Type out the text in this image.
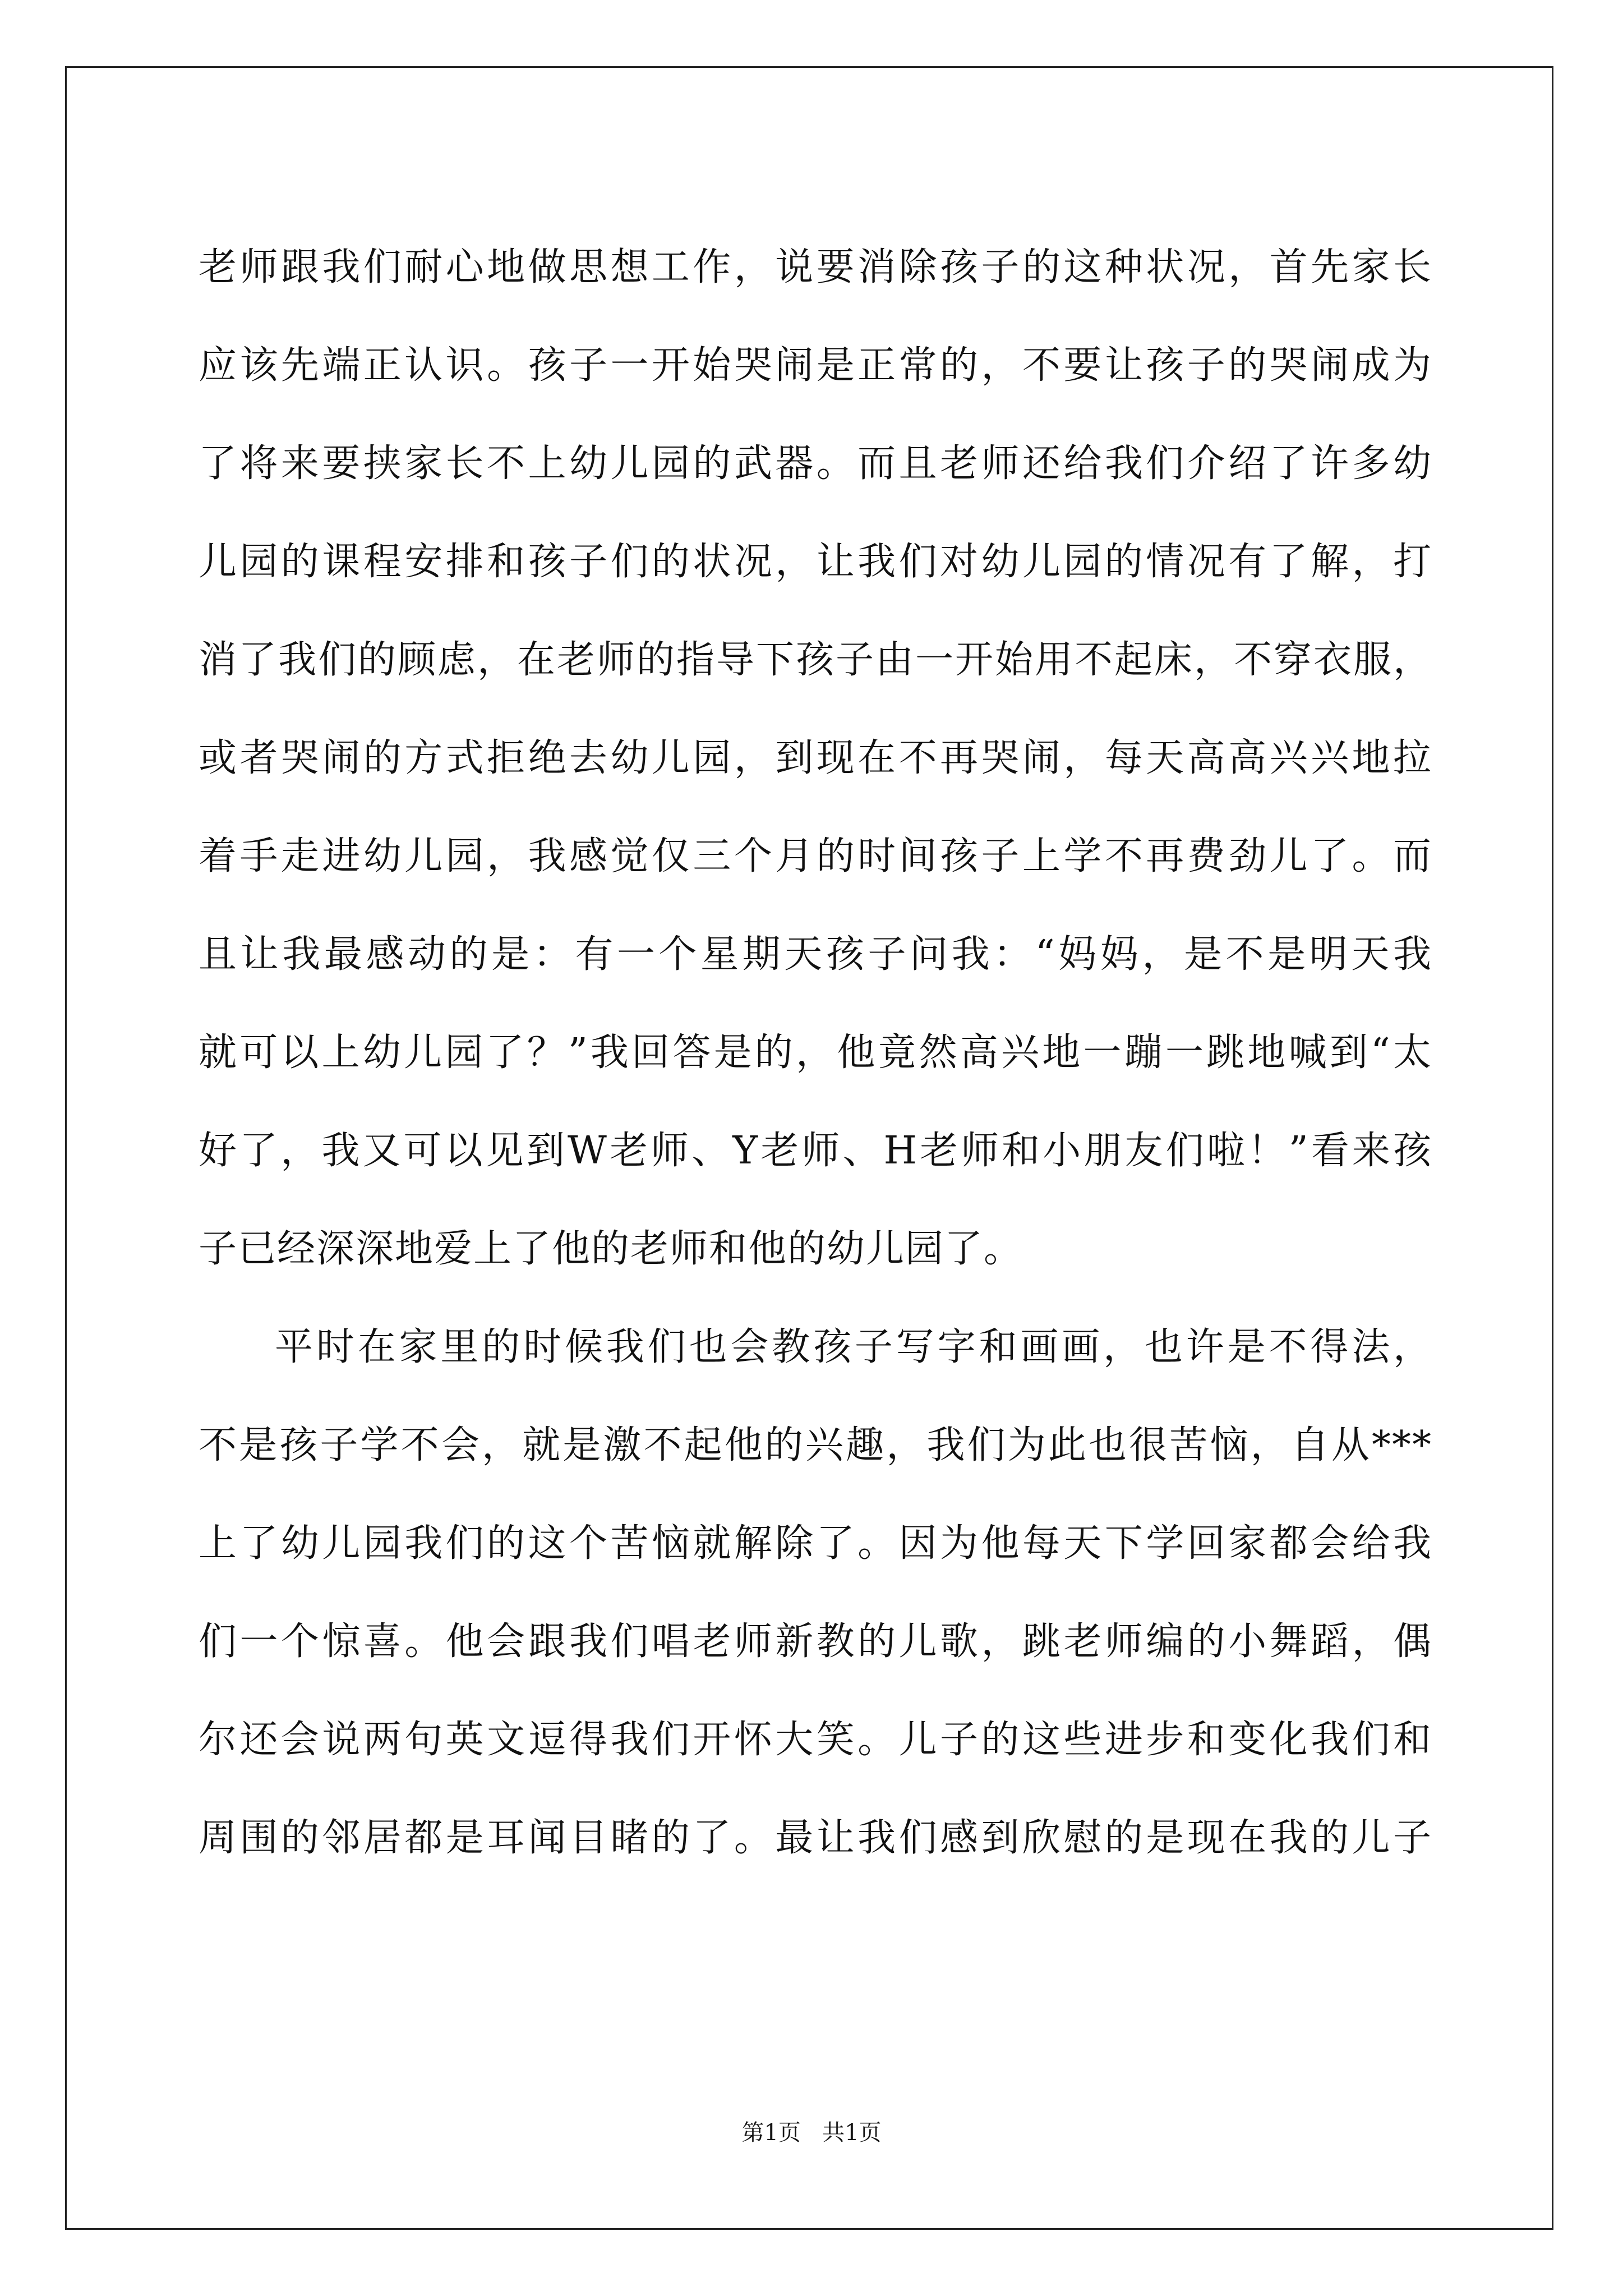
老师跟我们耐心地做思想工作，说要消除孩子的这种状况，首先家长
应该先端正认识。孩子一开始哭闹是正常的，不要让孩子的哭闹成为
了将来要挟家长不上幼儿园的武器。而且老师还给我们介绍了许多幼
儿园的课程安排和孩子们的状况，让我们对幼儿园的情况有了解，打
消了我们的顾虑，在老师的指导下孩子由一开始用不起床，不穿衣服，
或者哭闹的方式拒绝去幼儿园，到现在不再哭闹，每天高高兴兴地拉
着手走进幼儿园，我感觉仅三个月的时间孩子上学不再费劲儿了。而
且让我最感动的是：有一个星期天孩子问我：“妈妈，是不是明天我
就可以上幼儿园了？”我回答是的，他竟然高兴地一蹦一跳地喊到“太
好了，我又可以见到W老师、Y老师、H老师和小朋友们啦！”看来孩
子已经深深地爱上了他的老师和他的幼儿园了。
平时在家里的时候我们也会教孩子写字和画画，也许是不得法，
不是孩子学不会，就是激不起他的兴趣，我们为此也很苦恼，自从***
上了幼儿园我们的这个苦恼就解除了。因为他每天下学回家都会给我
们一个惊喜。他会跟我们唱老师新教的儿歌，跳老师编的小舞蹈，偶
尔还会说两句英文逗得我们开怀大笑。儿子的这些进步和变化我们和
周围的邻居都是耳闻目睹的了。最让我们感到欣慰的是现在我的儿子
第1页 共1页
